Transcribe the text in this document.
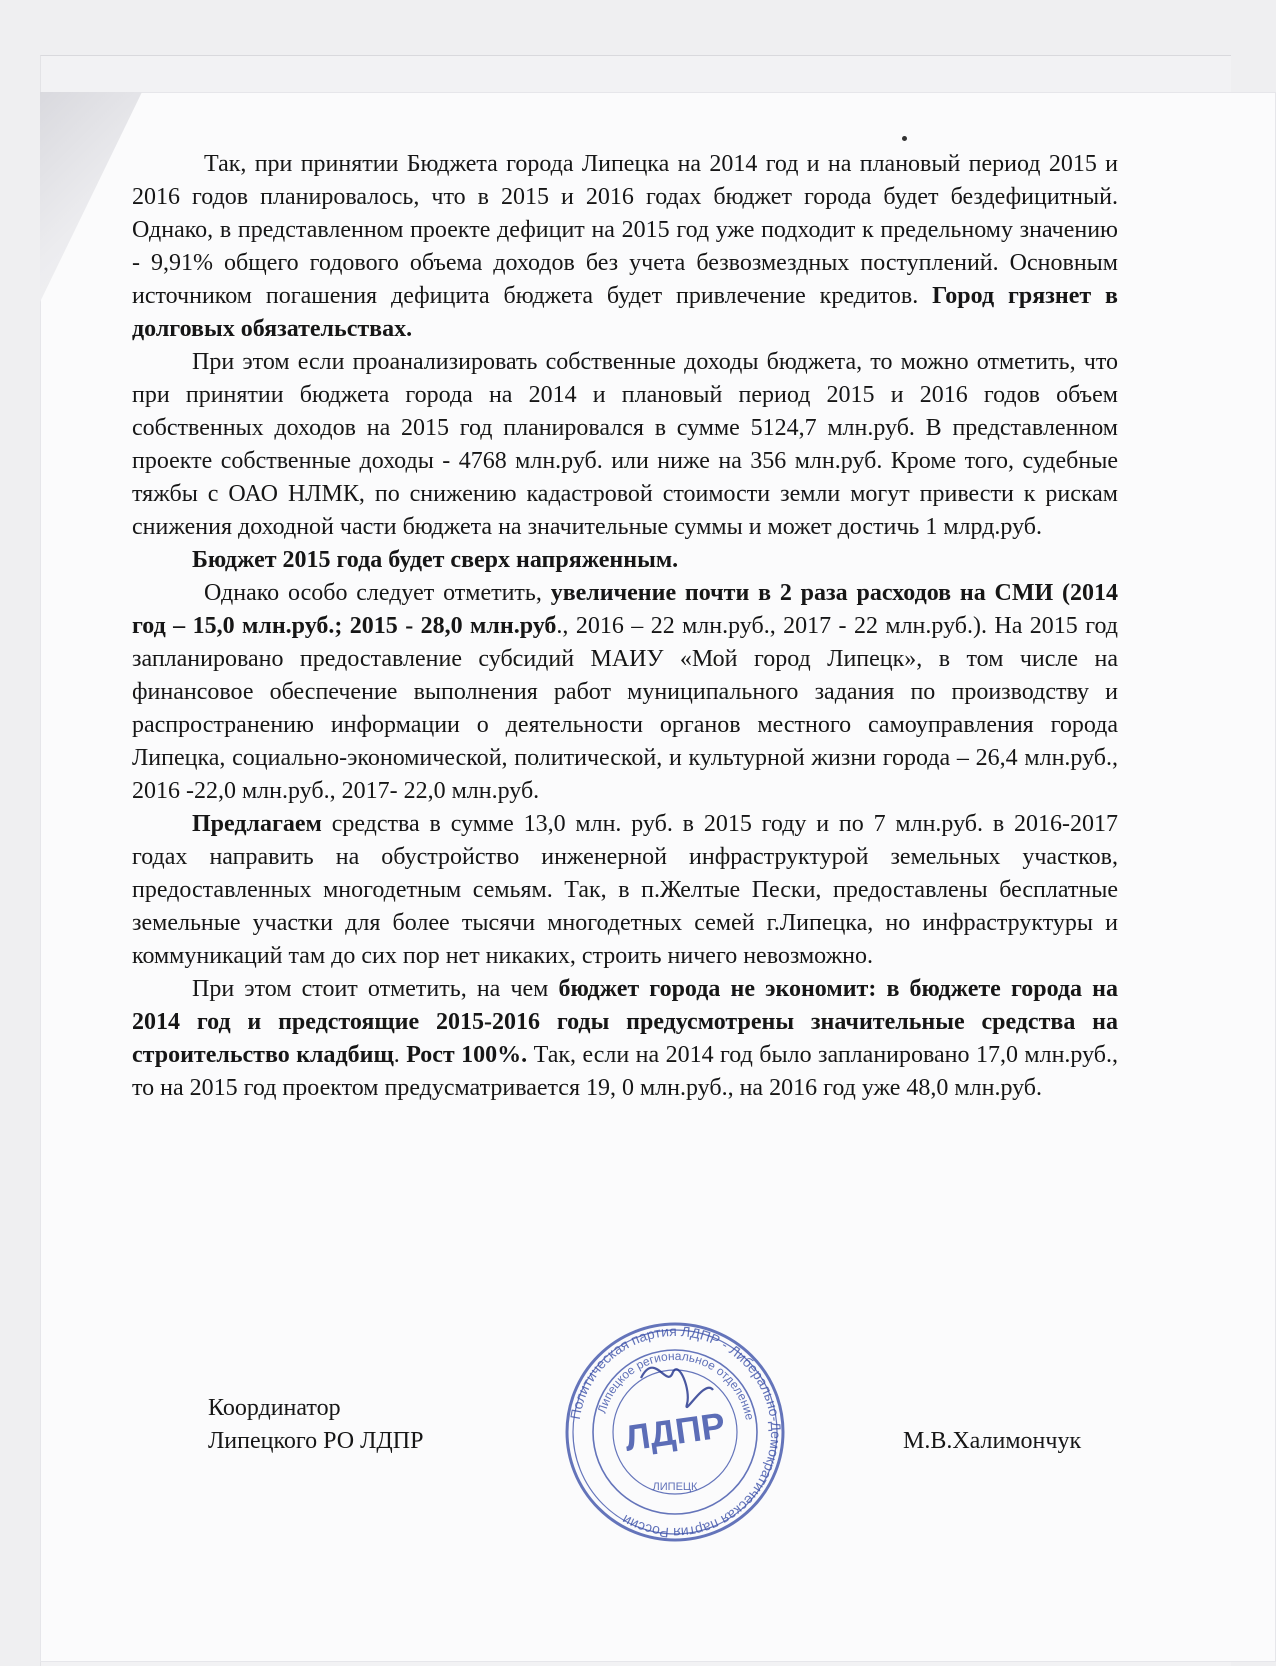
Так, при принятии Бюджета города Липецка на 2014 год и на плановый период 2015 и 2016 годов планировалось, что в 2015 и 2016 годах бюджет города будет бездефицитный. Однако, в представленном проекте дефицит на 2015 год уже подходит к предельному значению - 9,91% общего годового объема доходов без учета безвозмездных поступлений. Основным источником погашения дефицита бюджета будет привлечение кредитов. Город грязнет в долговых обязательствах.

При этом если проанализировать собственные доходы бюджета, то можно отметить, что при принятии бюджета города на 2014 и плановый период 2015 и 2016 годов объем собственных доходов на 2015 год планировался в сумме 5124,7 млн.руб. В представленном проекте собственные доходы - 4768 млн.руб. или ниже на 356 млн.руб. Кроме того, судебные тяжбы с ОАО НЛМК, по снижению кадастровой стоимости земли могут привести к рискам снижения доходной части бюджета на значительные суммы и может достичь 1 млрд.руб.

Бюджет 2015 года будет сверх напряженным.

Однако особо следует отметить, увеличение почти в 2 раза расходов на СМИ (2014 год – 15,0 млн.руб.; 2015 - 28,0 млн.руб., 2016 – 22 млн.руб., 2017 - 22 млн.руб.). На 2015 год запланировано предоставление субсидий МАИУ «Мой город Липецк», в том числе на финансовое обеспечение выполнения работ муниципального задания по производству и распространению информации о деятельности органов местного самоуправления города Липецка, социально-экономической, политической, и культурной жизни города – 26,4 млн.руб., 2016 -22,0 млн.руб., 2017- 22,0 млн.руб.

Предлагаем средства в сумме 13,0 млн. руб. в 2015 году и по 7 млн.руб. в 2016-2017 годах направить на обустройство инженерной инфраструктурой земельных участков, предоставленных многодетным семьям. Так, в п.Желтые Пески, предоставлены бесплатные земельные участки для более тысячи многодетных семей г.Липецка, но инфраструктуры и коммуникаций там до сих пор нет никаких, строить ничего невозможно.

При этом стоит отметить, на чем бюджет города не экономит: в бюджете города на 2014 год и предстоящие 2015-2016 годы предусмотрены значительные средства на строительство кладбищ. Рост 100%. Так, если на 2014 год было запланировано 17,0 млн.руб., то на 2015 год проектом предусматривается 19, 0 млн.руб., на 2016 год уже 48,0 млн.руб.

Координатор
Липецкого РО ЛДПР	М.В.Халимончук
Политическая партия ЛДПР - Либерально-Демократическая партия России
Липецкое региональное отделение
ЛДПР
ЛИПЕЦК
